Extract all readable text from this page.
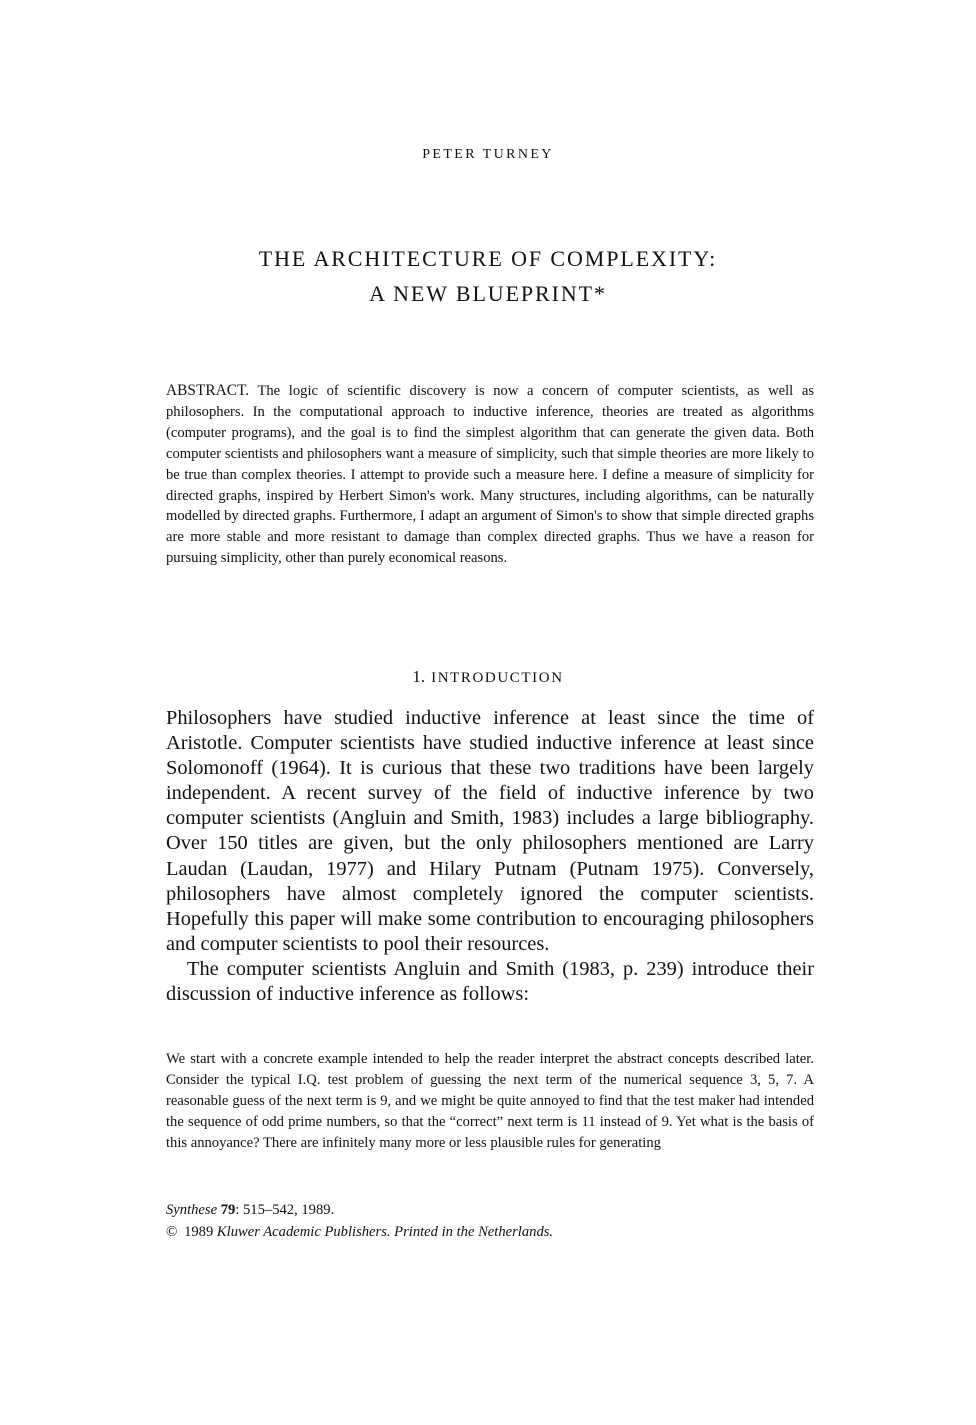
PETER TURNEY
THE ARCHITECTURE OF COMPLEXITY:
A NEW BLUEPRINT*
ABSTRACT. The logic of scientific discovery is now a concern of computer scientists, as well as philosophers. In the computational approach to inductive inference, theories are treated as algorithms (computer programs), and the goal is to find the simplest algorithm that can generate the given data. Both computer scientists and philosophers want a measure of simplicity, such that simple theories are more likely to be true than complex theories. I attempt to provide such a measure here. I define a measure of simplicity for directed graphs, inspired by Herbert Simon's work. Many structures, including algorithms, can be naturally modelled by directed graphs. Furthermore, I adapt an argument of Simon's to show that simple directed graphs are more stable and more resistant to damage than complex directed graphs. Thus we have a reason for pursuing simplicity, other than purely economical reasons.
1. INTRODUCTION

Philosophers have studied inductive inference at least since the time of Aristotle. Computer scientists have studied inductive inference at least since Solomonoff (1964). It is curious that these two traditions have been largely independent. A recent survey of the field of inductive inference by two computer scientists (Angluin and Smith, 1983) includes a large bibliography. Over 150 titles are given, but the only philosophers mentioned are Larry Laudan (Laudan, 1977) and Hilary Putnam (Putnam 1975). Conversely, philosophers have almost completely ignored the computer scientists. Hopefully this paper will make some contribution to encouraging philosophers and computer scientists to pool their resources.

The computer scientists Angluin and Smith (1983, p. 239) introduce their discussion of inductive inference as follows:

We start with a concrete example intended to help the reader interpret the abstract concepts described later. Consider the typical I.Q. test problem of guessing the next term of the numerical sequence 3, 5, 7. A reasonable guess of the next term is 9, and we might be quite annoyed to find that the test maker had intended the sequence of odd prime numbers, so that the “correct” next term is 11 instead of 9. Yet what is the basis of this annoyance? There are infinitely many more or less plausible rules for generating
Synthese 79: 515–542, 1989.
© 1989 Kluwer Academic Publishers. Printed in the Netherlands.
